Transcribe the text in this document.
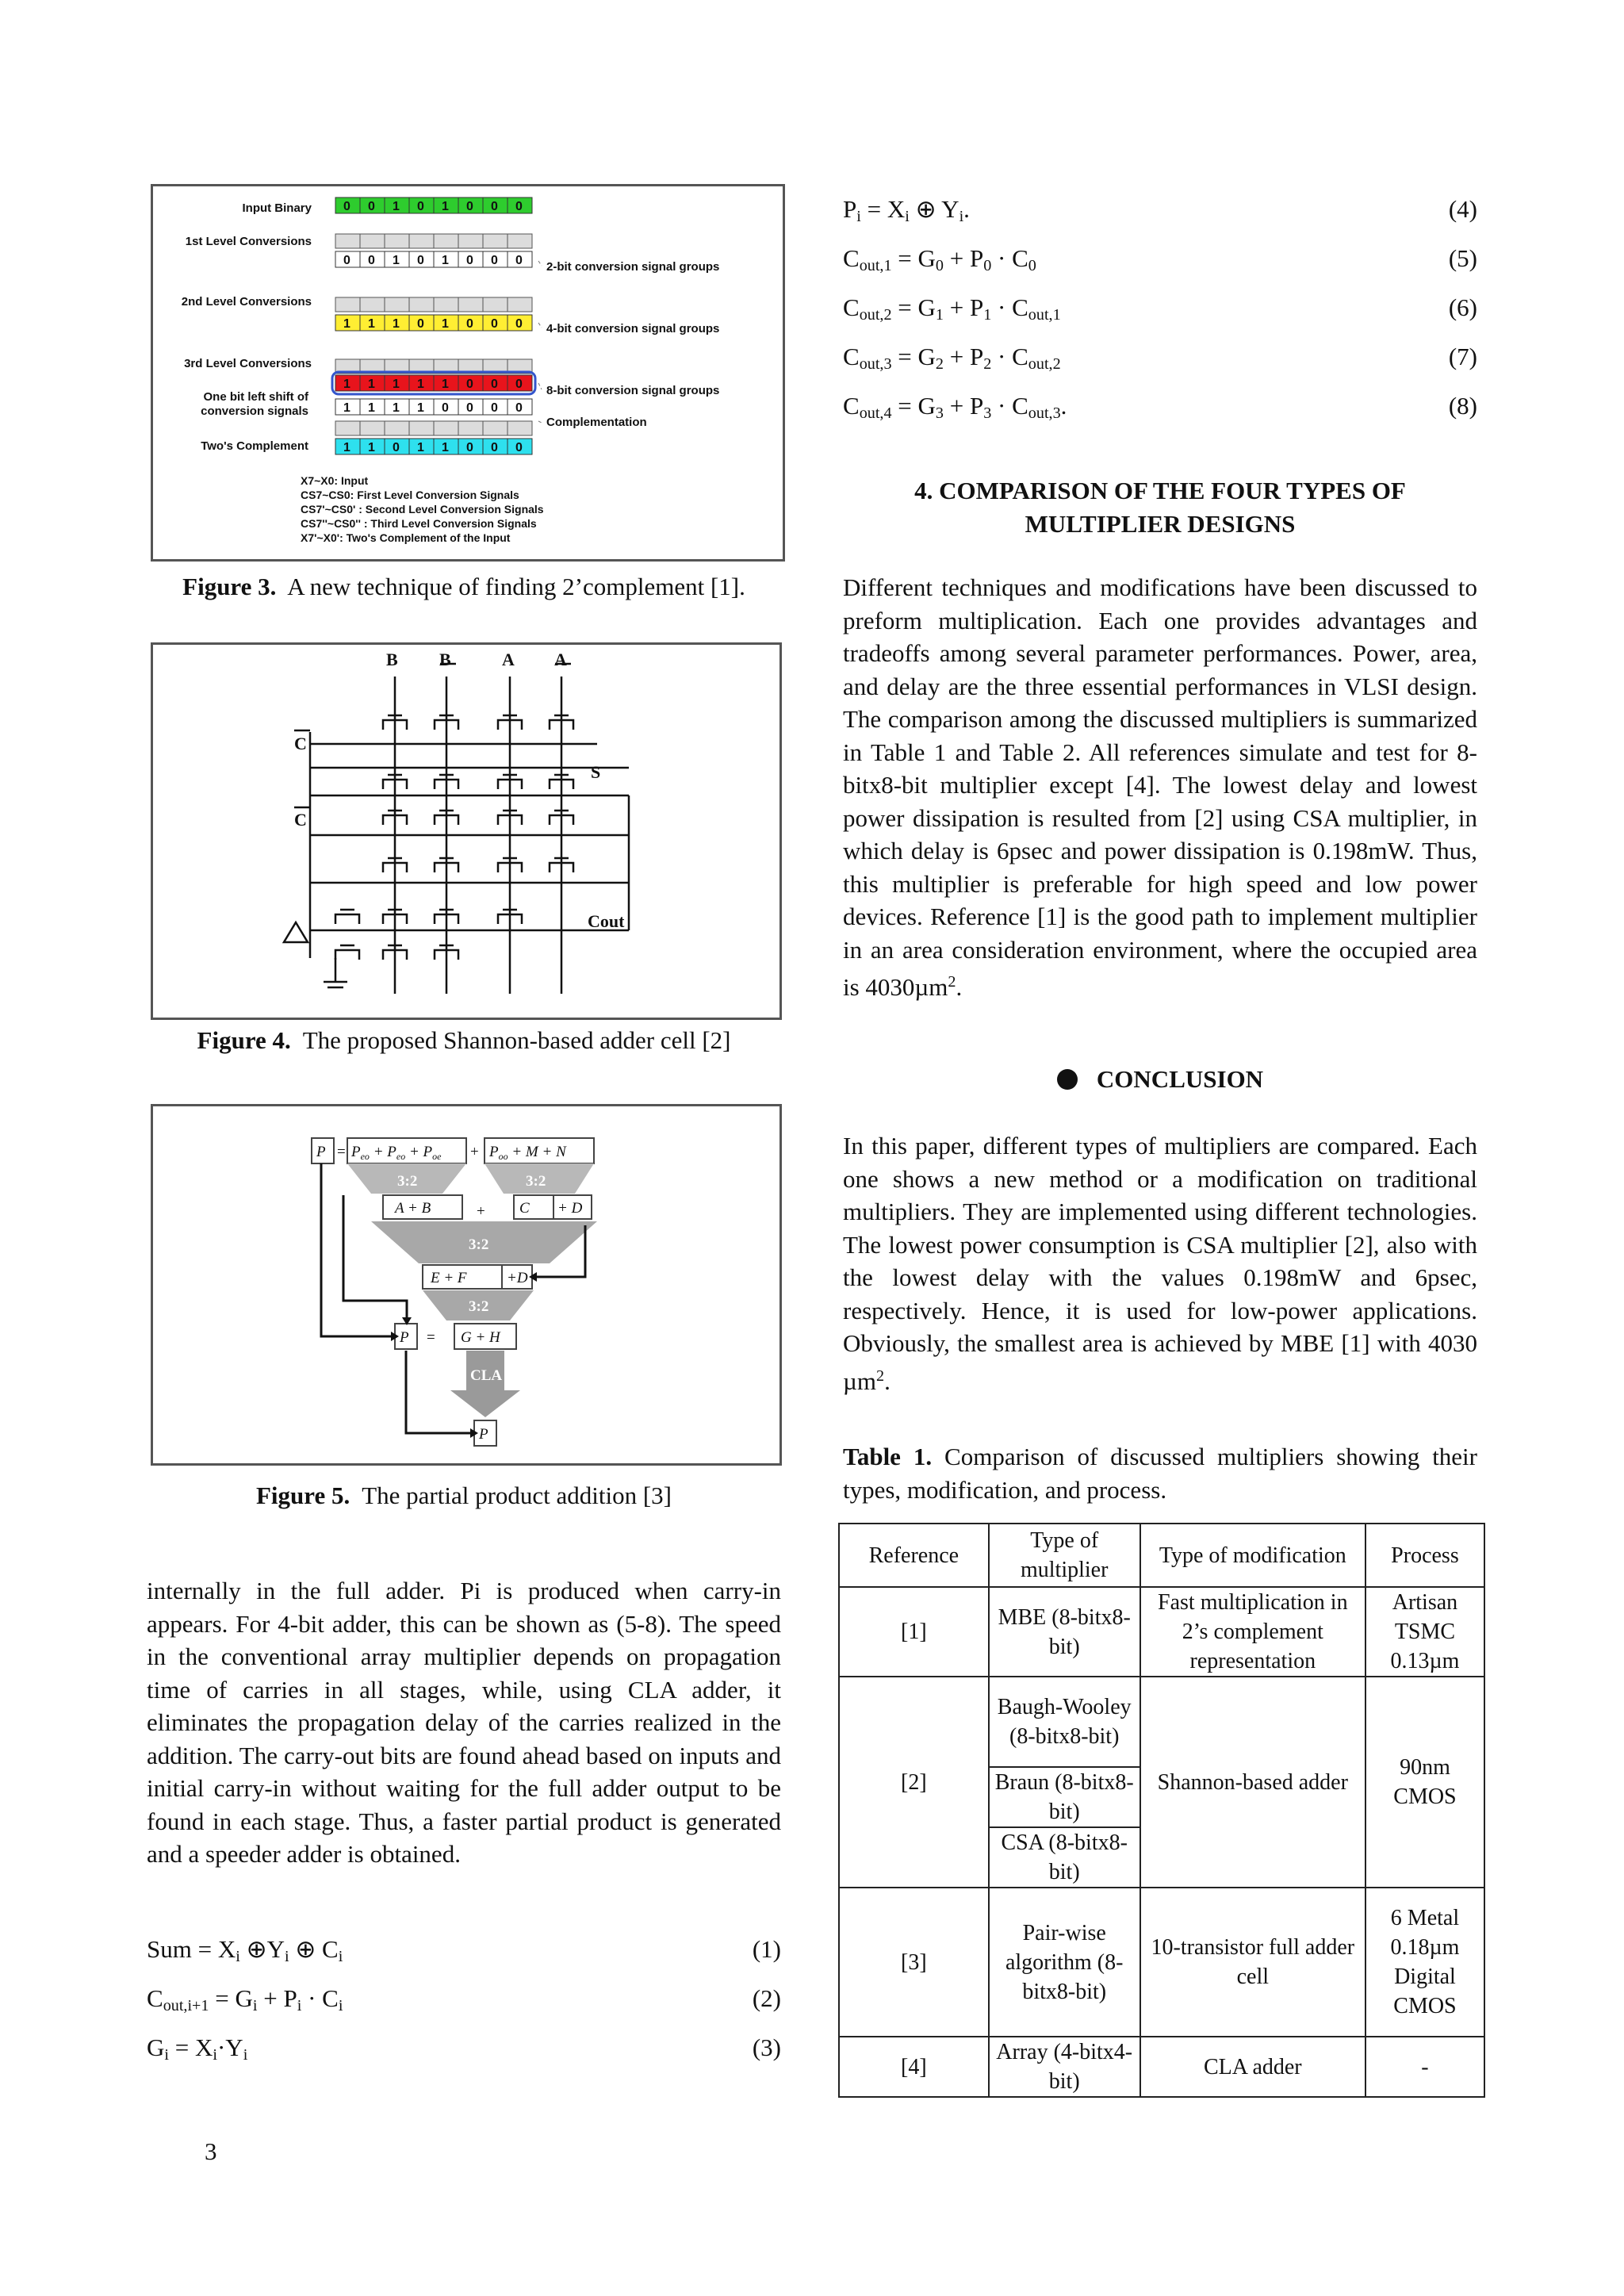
Input Binary
1st Level Conversions
2nd Level Conversions
3rd Level Conversions
One bit left shift of
conversion signals
Two's Complement
0 0 1 0 1 0 0 0
0 0 1 0 1 0 0 0
1 1 1 0 1 0 0 0
1 1 1 1 1 0 0 0
1 1 1 1 0 0 0 0
1 1 0 1 1 0 0 0
2-bit conversion signal groups
4-bit conversion signal groups
8-bit conversion signal groups
Complementation
X7~X0: Input
CS7~CS0: First Level Conversion Signals
CS7'~CS0' : Second Level Conversion Signals
CS7''~CS0'' : Third Level Conversion Signals
X7'~X0': Two's Complement of the Input
Figure 3. A new technique of finding 2’complement [1].
B B	A A
C
C
S
Cout
Figure 4. The proposed Shannon-based adder cell [2]
$P = P_{eo} + P_{eo} + P_{oe} + P_{oo} + M + N$
3:2	3:2
A + B	+ C + D
3:2
E + F	+D
3:2
P = G + H
CLA
P
Figure 5. The partial product addition [3]
internally in the full adder. Pi is produced when carry-in appears. For 4-bit adder, this can be shown as (5-8). The speed in the conventional array multiplier depends on propagation time of carries in all stages, while, using CLA adder, it eliminates the propagation delay of the carries realized in the addition. The carry-out bits are found ahead based on inputs and initial carry-in without waiting for the full adder output to be found in each stage. Thus, a faster partial product is generated and a speeder adder is obtained.
Sum = $X_i$ $\oplus Y_i$ ⊕ $C_i$	(1)
$C_{out,i+1} = G_i + P_i \cdot C_i$	(2)
$G_i = X_i\cdot Y_i$	(3)
3
$P_i = X_i$ ⊕ $Y_i$.	(4)
$C_{out,1} = G_0 + P_0 \cdot C_0$	(5)
$C_{out,2} = G_1 + P_1 \cdot C_{out,1}$	(6)
$C_{out,3} = G_2 + P_2 \cdot C_{out,2}$	(7)
$C_{out,4} = G_3 + P_3 \cdot C_{out,3}$.	(8)
4. COMPARISON OF THE FOUR TYPES OF
MULTIPLIER DESIGNS
Different techniques and modifications have been discussed to preform multiplication. Each one provides advantages and tradeoffs among several parameter performances. Power, area, and delay are the three essential performances in VLSI design. The comparison among the discussed multipliers is summarized in Table 1 and Table 2. All references simulate and test for 8-bitx8-bit multiplier except [4]. The lowest delay and lowest power dissipation is resulted from [2] using CSA multiplier, in which delay is 6psec and power dissipation is 0.198mW. Thus, this multiplier is preferable for high speed and low power devices. Reference [1] is the good path to implement multiplier in an area consideration environment, where the occupied area is 4030µm$^2$.
CONCLUSION
In this paper, different types of multipliers are compared. Each one shows a new method or a modification on traditional multipliers. They are implemented using different technologies. The lowest power consumption is CSA multiplier [2], also with the lowest delay with the values 0.198mW and 6psec, respectively. Hence, it is used for low-power applications. Obviously, the smallest area is achieved by MBE [1] with 4030 µm$^2$.
Table 1. Comparison of discussed multipliers showing their types, modification, and process.
Reference	Type of multiplier	Type of modification	Process
[1]	MBE (8-bitx8-bit)	Fast multiplication in 2’s complement representation	Artisan TSMC 0.13µm
[2]	Baugh-Wooley (8-bitx8-bit)	Shannon-based adder	90nm CMOS
	Braun (8-bitx8-bit)		
	CSA (8-bitx8-bit)		
[3]	Pair-wise algorithm (8-bitx8-bit)	10-transistor full adder cell	6 Metal 0.18µm Digital CMOS
[4]	Array (4-bitx4-bit)	CLA adder	-
